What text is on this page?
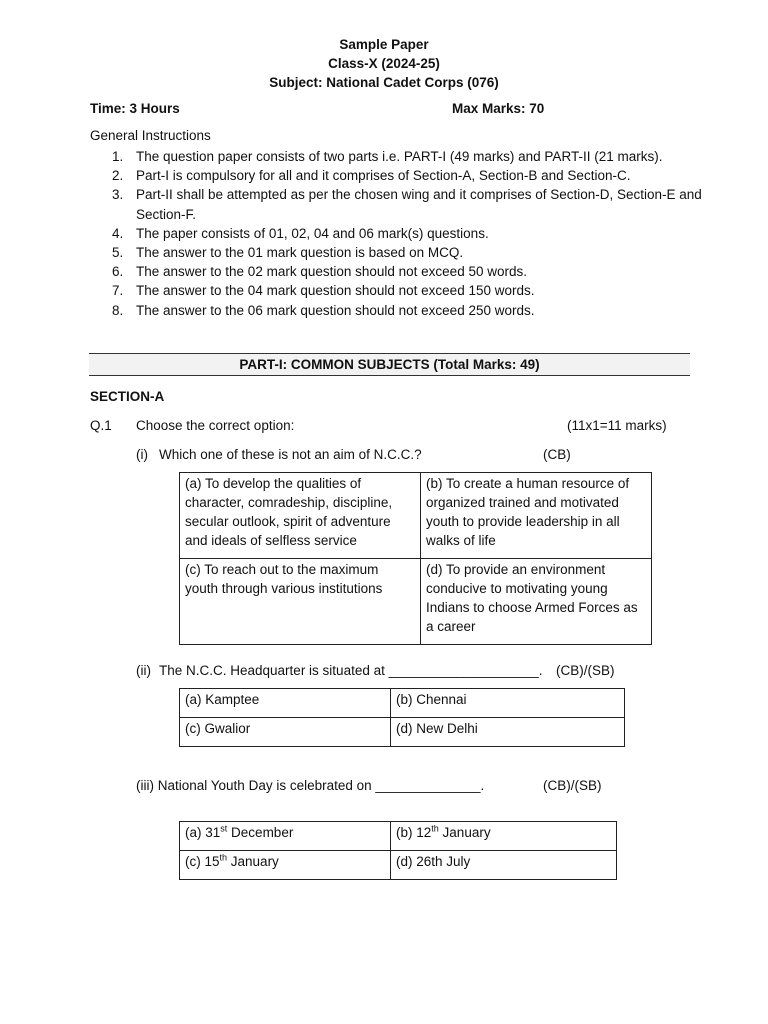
Sample Paper
Class-X (2024-25)
Subject: National Cadet Corps (076)
Time: 3 Hours	Max Marks: 70
General Instructions
1. The question paper consists of two parts i.e. PART-I (49 marks) and PART-II (21 marks).
2. Part-I is compulsory for all and it comprises of Section-A, Section-B and Section-C.
3. Part-II shall be attempted as per the chosen wing and it comprises of Section-D, Section-E and Section-F.
4. The paper consists of 01, 02, 04 and 06 mark(s) questions.
5. The answer to the 01 mark question is based on MCQ.
6. The answer to the 02 mark question should not exceed 50 words.
7. The answer to the 04 mark question should not exceed 150 words.
8. The answer to the 06 mark question should not exceed 250 words.
PART-I: COMMON SUBJECTS (Total Marks: 49)
SECTION-A
Q.1 Choose the correct option:	(11x1=11 marks)
(i) Which one of these is not an aim of N.C.C.?	(CB)
(a) To develop the qualities of character, comradeship, discipline, secular outlook, spirit of adventure and ideals of selfless service	(b) To create a human resource of organized trained and motivated youth to provide leadership in all walks of life
(c) To reach out to the maximum youth through various institutions	(d) To provide an environment conducive to motivating young Indians to choose Armed Forces as a career
(ii) The N.C.C. Headquarter is situated at ____________________. (CB)/(SB)
(a) Kamptee	(b) Chennai
(c) Gwalior	(d) New Delhi
(iii) National Youth Day is celebrated on ______________.	(CB)/(SB)
(a) 31st December	(b) 12th January
(c) 15th January	(d) 26th July
